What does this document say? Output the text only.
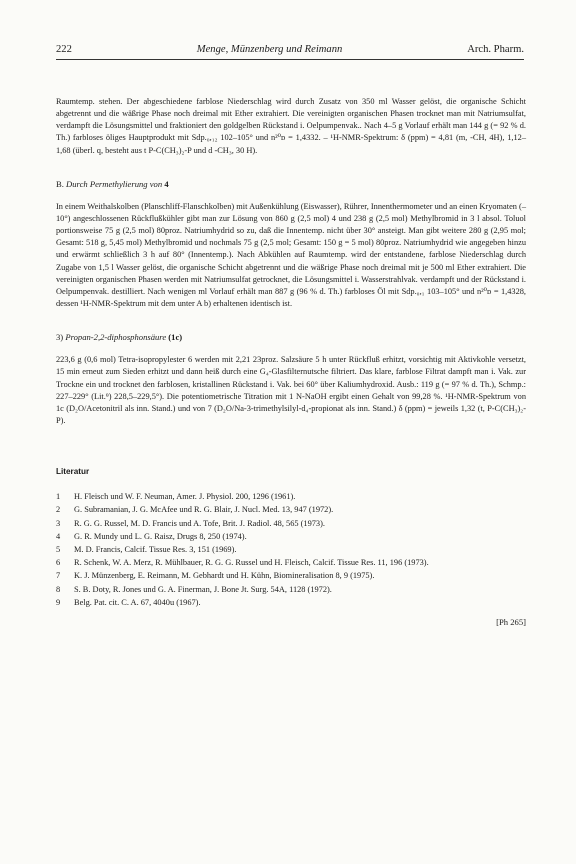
222	Menge, Münzenberg und Reimann	Arch. Pharm.

Raumtemp. stehen. Der abgeschiedene farblose Niederschlag wird durch Zusatz von 350 ml Wasser gelöst, die organische Schicht abgetrennt und die wäßrige Phase noch dreimal mit Ether extrahiert. Die vereinigten organischen Phasen trocknet man mit Natriumsulfat, verdampft die Lösungsmittel und fraktioniert den goldgelben Rückstand i. Oelpumpenvak.. Nach 4–5 g Vorlauf erhält man 144 g (= 92 % d. Th.) farbloses öliges Hauptprodukt mit Sdp.₀,₁₂ 102–105° und n²⁰ᴅ = 1,4332. – ¹H-NMR-Spektrum: δ (ppm) = 4,81 (m, -CH, 4H), 1,12–1,68 (überl. q, besteht aus t P-C(CH₃)₂-P und d -CH₃, 30 H).

B. Durch Permethylierung von 4

In einem Weithalskolben (Planschliff-Flanschkolben) mit Außenkühlung (Eiswasser), Rührer, Innenthermometer und an einen Kryomaten (– 10°) angeschlossenen Rückflußkühler gibt man zur Lösung von 860 g (2,5 mol) 4 und 238 g (2,5 mol) Methylbromid in 3 l absol. Toluol portionsweise 75 g (2,5 mol) 80proz. Natriumhydrid so zu, daß die Innentemp. nicht über 30° ansteigt. Man gibt weitere 280 g (2,95 mol; Gesamt: 518 g, 5,45 mol) Methylbromid und nochmals 75 g (2,5 mol; Gesamt: 150 g = 5 mol) 80proz. Natriumhydrid wie angegeben hinzu und erwärmt schließlich 3 h auf 80° (Innentemp.). Nach Abkühlen auf Raumtemp. wird der entstandene, farblose Niederschlag durch Zugabe von 1,5 l Wasser gelöst, die organische Schicht abgetrennt und die wäßrige Phase noch dreimal mit je 500 ml Ether extrahiert. Die vereinigten organischen Phasen werden mit Natriumsulfat getrocknet, die Lösungsmittel i. Wasserstrahlvak. verdampft und der Rückstand i. Oelpumpenvak. destilliert. Nach wenigen ml Vorlauf erhält man 887 g (96 % d. Th.) farbloses Öl mit Sdp.₀,₁ 103–105° und n²⁰ᴅ = 1,4328, dessen ¹H-NMR-Spektrum mit dem unter A b) erhaltenen identisch ist.

3) Propan-2,2-diphosphonsäure (1c)

223,6 g (0,6 mol) Tetra-isopropylester 6 werden mit 2,21 23proz. Salzsäure 5 h unter Rückfluß erhitzt, vorsichtig mit Aktivkohle versetzt, 15 min erneut zum Sieden erhitzt und dann heiß durch eine G₄-Glasfilternutsche filtriert. Das klare, farblose Filtrat dampft man i. Vak. zur Trockne ein und trocknet den farblosen, kristallinen Rückstand i. Vak. bei 60° über Kaliumhydroxid. Ausb.: 119 g (= 97 % d. Th.), Schmp.: 227–229° (Lit.⁹) 228,5–229,5°). Die potentiometrische Titration mit 1 N-NaOH ergibt einen Gehalt von 99,28 %. ¹H-NMR-Spektrum von 1c (D₂O/Acetonitril als inn. Stand.) und von 7 (D₂O/Na-3-trimethylsilyl-d₄-propionat als inn. Stand.) δ (ppm) = jeweils 1,32 (t, P-C(CH₃)₂-P).

Literatur
1	H. Fleisch und W. F. Neuman, Amer. J. Physiol. 200, 1296 (1961).
2	G. Subramanian, J. G. McAfee und R. G. Blair, J. Nucl. Med. 13, 947 (1972).
3	R. G. G. Russel, M. D. Francis und A. Tofe, Brit. J. Radiol. 48, 565 (1973).
4	G. R. Mundy und L. G. Raisz, Drugs 8, 250 (1974).
5	M. D. Francis, Calcif. Tissue Res. 3, 151 (1969).
6	R. Schenk, W. A. Merz, R. Mühlbauer, R. G. G. Russel und H. Fleisch, Calcif. Tissue Res. 11, 196 (1973).
7	K. J. Münzenberg, E. Reimann, M. Gebhardt und H. Kühn, Biomineralisation 8, 9 (1975).
8	S. B. Doty, R. Jones und G. A. Finerman, J. Bone Jt. Surg. 54A, 1128 (1972).
9	Belg. Pat. cit. C. A. 67, 4040u (1967).
[Ph 265]
